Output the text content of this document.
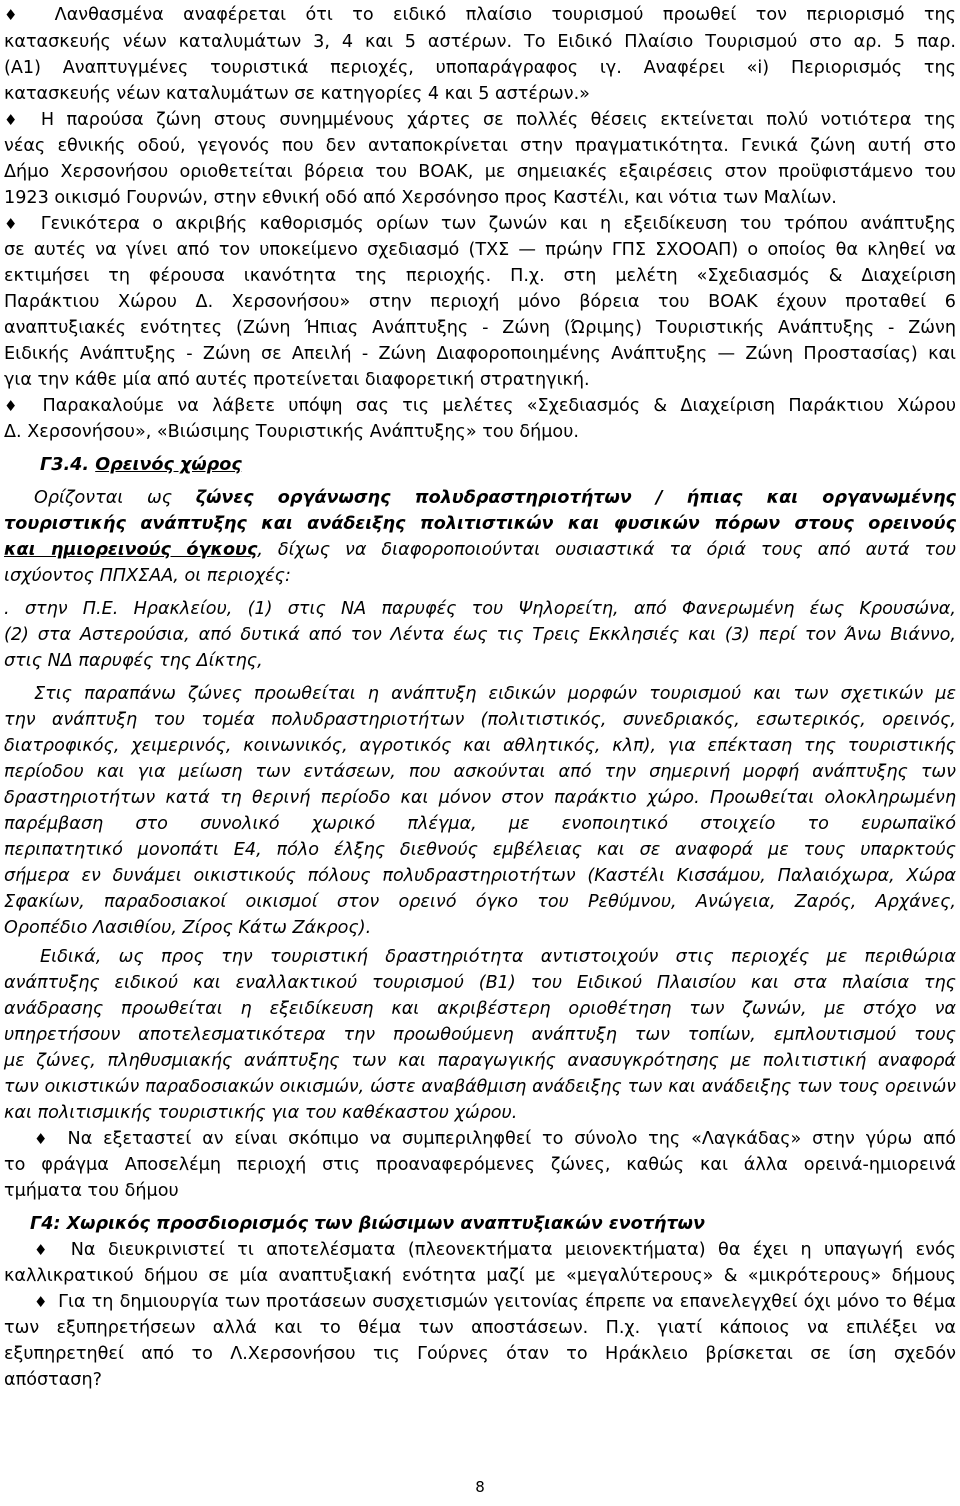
♦ Λανθασμένα αναφέρεται ότι το ειδικό πλαίσιο τουρισμού προωθεί τον περιορισμό της
κατασκευής νέων καταλυμάτων 3, 4 και 5 αστέρων. Το Ειδικό Πλαίσιο Τουρισμού στο αρ. 5 παρ.
(Α1) Αναπτυγμένες τουριστικά περιοχές, υποπαράγραφος ιγ. Αναφέρει «i) Περιορισμός της
κατασκευής νέων καταλυμάτων σε κατηγορίες 4 και 5 αστέρων.»
♦ Η παρούσα ζώνη στους συνημμένους χάρτες σε πολλές θέσεις εκτείνεται πολύ νοτιότερα της
νέας εθνικής οδού, γεγονός που δεν ανταποκρίνεται στην πραγματικότητα. Γενικά ζώνη αυτή στο
Δήμο Χερσονήσου οριοθετείται βόρεια του ΒΟΑΚ, με σημειακές εξαιρέσεις στον προϋφιστάμενο του
1923 οικισμό Γουρνών, στην εθνική οδό από Χερσόνησο προς Καστέλι, και νότια των Μαλίων.
♦ Γενικότερα ο ακριβής καθορισμός ορίων των ζωνών και η εξειδίκευση του τρόπου ανάπτυξης
σε αυτές να γίνει από τον υποκείμενο σχεδιασμό (ΤΧΣ — πρώην ΓΠΣ ΣΧΟΟΑΠ) ο οποίος θα κληθεί να
εκτιμήσει τη φέρουσα ικανότητα της περιοχής. Π.χ. στη μελέτη «Σχεδιασμός & Διαχείριση
Παράκτιου Χώρου Δ. Χερσονήσου» στην περιοχή μόνο βόρεια του ΒΟΑΚ έχουν προταθεί 6
αναπτυξιακές ενότητες (Ζώνη Ήπιας Ανάπτυξης - Ζώνη (Ώριμης) Τουριστικής Ανάπτυξης - Ζώνη
Ειδικής Ανάπτυξης - Ζώνη σε Απειλή - Ζώνη Διαφοροποιημένης Ανάπτυξης — Ζώνη Προστασίας) και
για την κάθε μία από αυτές προτείνεται διαφορετική στρατηγική.
♦ Παρακαλούμε να λάβετε υπόψη σας τις μελέτες «Σχεδιασμός & Διαχείριση Παράκτιου Χώρου
Δ. Χερσονήσου», «Βιώσιμης Τουριστικής Ανάπτυξης» του δήμου.
Γ3.4. Ορεινός χώρος
Ορίζονται ως ζώνες οργάνωσης πολυδραστηριοτήτων / ήπιας και οργανωμένης
τουριστικής ανάπτυξης και ανάδειξης πολιτιστικών και φυσικών πόρων στους ορεινούς
και ημιορεινούς όγκους, δίχως να διαφοροποιούνται ουσιαστικά τα όριά τους από αυτά του
ισχύοντος ΠΠΧΣΑΑ, οι περιοχές:
. στην Π.Ε. Ηρακλείου, (1) στις ΝΑ παρυφές του Ψηλορείτη, από Φανερωμένη έως Κρουσώνα,
(2) στα Αστερούσια, από δυτικά από τον Λέντα έως τις Τρεις Εκκλησιές και (3) περί τον Άνω Βιάννο,
στις ΝΔ παρυφές της Δίκτης,
Στις παραπάνω ζώνες προωθείται η ανάπτυξη ειδικών μορφών τουρισμού και των σχετικών με
την ανάπτυξη του τομέα πολυδραστηριοτήτων (πολιτιστικός, συνεδριακός, εσωτερικός, ορεινός,
διατροφικός, χειμερινός, κοινωνικός, αγροτικός και αθλητικός, κλπ), για επέκταση της τουριστικής
περίοδου και για μείωση των εντάσεων, που ασκούνται από την σημερινή μορφή ανάπτυξης των
δραστηριοτήτων κατά τη θερινή περίοδο και μόνον στον παράκτιο χώρο. Προωθείται ολοκληρωμένη
παρέμβαση στο συνολικό χωρικό πλέγμα, με ενοποιητικό στοιχείο το ευρωπαϊκό
περιπατητικό μονοπάτι Ε4, πόλο έλξης διεθνούς εμβέλειας και σε αναφορά με τους υπαρκτούς
σήμερα εν δυνάμει οικιστικούς πόλους πολυδραστηριοτήτων (Καστέλι Κισσάμου, Παλαιόχωρα, Χώρα
Σφακίων, παραδοσιακοί οικισμοί στον ορεινό όγκο του Ρεθύμνου, Ανώγεια, Ζαρός, Αρχάνες,
Οροπέδιο Λασιθίου, Ζίρος Κάτω Ζάκρος).
Ειδικά, ως προς την τουριστική δραστηριότητα αντιστοιχούν στις περιοχές με περιθώρια
ανάπτυξης ειδικού και εναλλακτικού τουρισμού (Β1) του Ειδικού Πλαισίου και στα πλαίσια της
ανάδρασης προωθείται η εξειδίκευση και ακριβέστερη οριοθέτηση των ζωνών, με στόχο να
υπηρετήσουν αποτελεσματικότερα την προωθούμενη ανάπτυξη των τοπίων, εμπλουτισμού τους
με ζώνες, πληθυσμιακής ανάπτυξης των και παραγωγικής ανασυγκρότησης με πολιτιστική αναφορά
των οικιστικών παραδοσιακών οικισμών, ώστε αναβάθμιση ανάδειξης των και ανάδειξης των τους ορεινών
και πολιτισμικής τουριστικής για του καθέκαστου χώρου.
♦ Να εξεταστεί αν είναι σκόπιμο να συμπεριληφθεί το σύνολο της «Λαγκάδας» στην γύρω από
το φράγμα Αποσελέμη περιοχή στις προαναφερόμενες ζώνες, καθώς και άλλα ορεινά-ημιορεινά
τμήματα του δήμου
Γ4: Χωρικός προσδιορισμός των βιώσιμων αναπτυξιακών ενοτήτων
♦ Να διευκρινιστεί τι αποτελέσματα (πλεονεκτήματα μειονεκτήματα) θα έχει η υπαγωγή ενός
καλλικρατικού δήμου σε μία αναπτυξιακή ενότητα μαζί με «μεγαλύτερους» & «μικρότερους» δήμους
♦ Για τη δημιουργία των προτάσεων συσχετισμών γειτονίας έπρεπε να επανελεγχθεί όχι μόνο το θέμα
των εξυπηρετήσεων αλλά και το θέμα των αποστάσεων. Π.χ. γιατί κάποιος να επιλέξει να
εξυπηρετηθεί από το Λ.Χερσονήσου τις Γούρνες όταν το Ηράκλειο βρίσκεται σε ίση σχεδόν
απόσταση?
8
